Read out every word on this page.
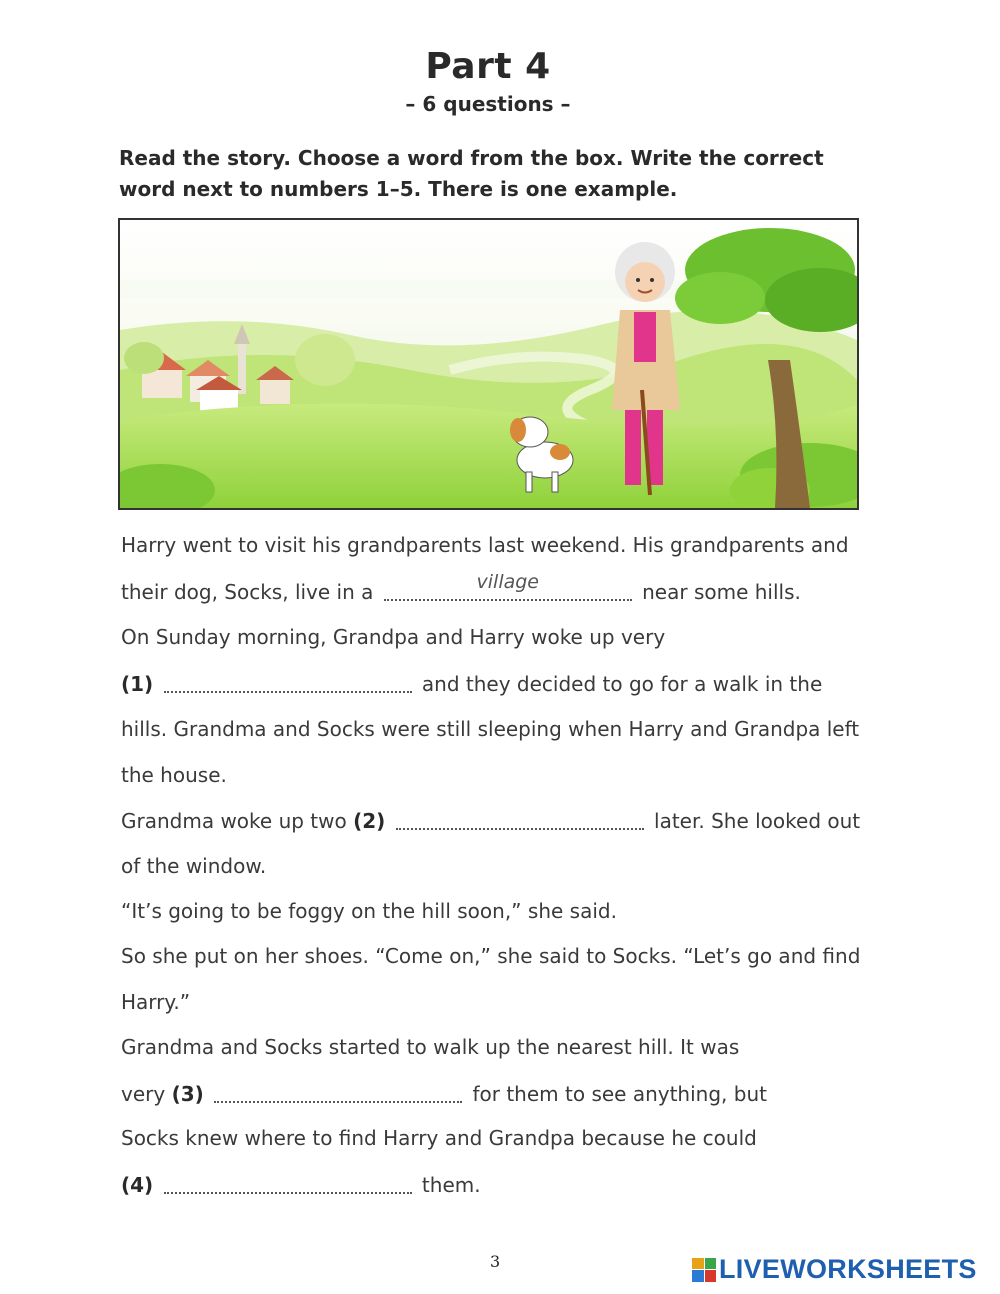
Part 4
– 6 questions –
Read the story. Choose a word from the box. Write the correct
word next to numbers 1–5. There is one example.
Harry went to visit his grandparents last weekend. His grandparents and
their dog, Socks, live in a	village	near some hills.
On Sunday morning, Grandpa and Harry woke up very
(1)	and they decided to go for a walk in the
hills. Grandma and Socks were still sleeping when Harry and Grandpa left
the house.
Grandma woke up two (2)	later. She looked out
of the window.
“It’s going to be foggy on the hill soon,” she said.
So she put on her shoes. “Come on,” she said to Socks. “Let’s go and find
Harry.”
Grandma and Socks started to walk up the nearest hill. It was
very (3)	for them to see anything, but
Socks knew where to find Harry and Grandpa because he could
(4)	them.
3	LIVEWORKSHEETS
